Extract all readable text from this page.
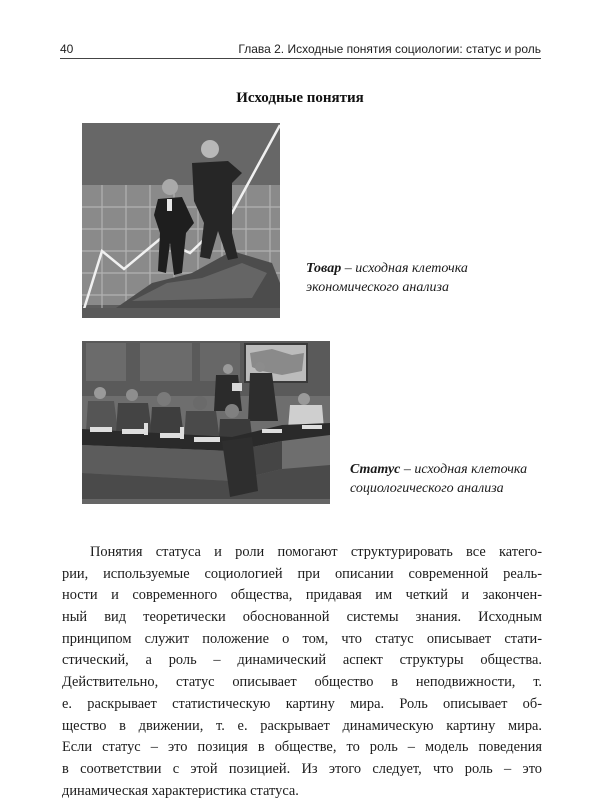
40	Глава 2. Исходные понятия социологии: статус и роль
Исходные понятия
Товар – исходная клеточка
экономического анализа
Статус – исходная клеточка
социологического анализа
Понятия статуса и роли помогают структурировать все катего-
рии, используемые социологией при описании современной реаль-
ности и современного общества, придавая им четкий и закончен-
ный вид теоретически обоснованной системы знания. Исходным
принципом служит положение о том, что статус описывает стати-
стический, а роль – динамический аспект структуры общества.
Действительно, статус описывает общество в неподвижности, т.
е. раскрывает статистическую картину мира. Роль описывает об-
щество в движении, т. е. раскрывает динамическую картину мира.
Если статус – это позиция в обществе, то роль – модель поведения
в соответствии с этой позицией. Из этого следует, что роль – это
динамическая характеристика статуса.
